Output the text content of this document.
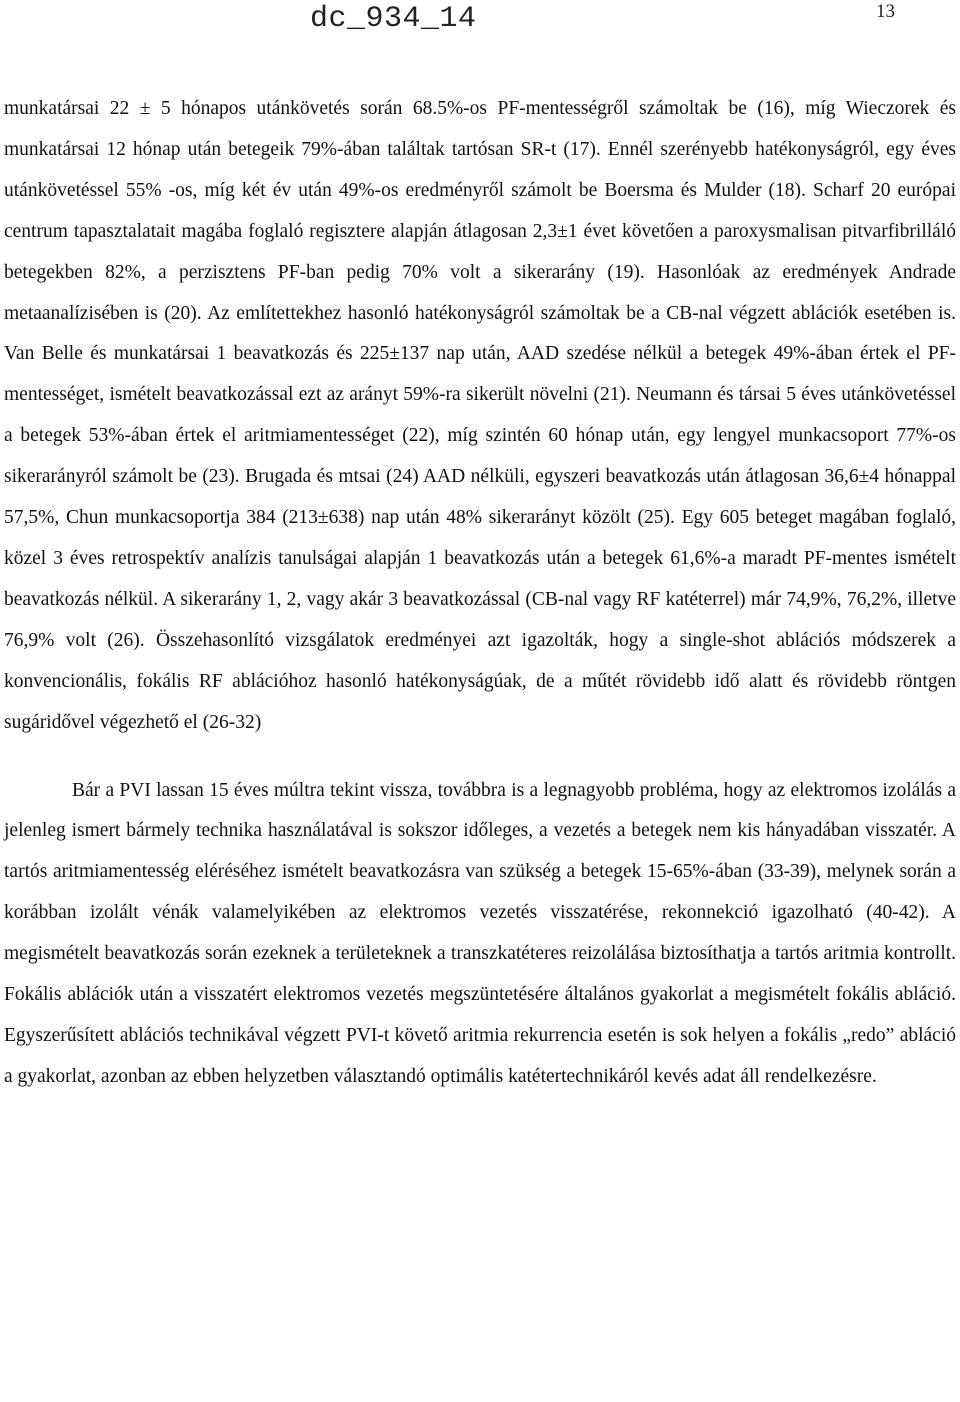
dc_934_14	13

munkatársai 22 ± 5 hónapos utánkövetés során 68.5%-os PF-mentességről számoltak be (16), míg Wieczorek és munkatársai 12 hónap után betegeik 79%-ában találtak tartósan SR-t (17). Ennél szerényebb hatékonyságról, egy éves utánkövetéssel 55% -os, míg két év után 49%-os eredményről számolt be Boersma és Mulder (18). Scharf 20 európai centrum tapasztalatait magába foglaló regisztere alapján átlagosan 2,3±1 évet követően a paroxysmalisan pitvarfibrilláló betegekben 82%, a perzisztens PF-ban pedig 70% volt a sikerarány (19). Hasonlóak az eredmények Andrade metaanalízisében is (20). Az említettekhez hasonló hatékonyságról számoltak be a CB-nal végzett ablációk esetében is. Van Belle és munkatársai 1 beavatkozás és 225±137 nap után, AAD szedése nélkül a betegek 49%-ában értek el PF-mentességet, ismételt beavatkozással ezt az arányt 59%-ra sikerült növelni (21). Neumann és társai 5 éves utánkövetéssel a betegek 53%-ában értek el aritmiamentességet (22), míg szintén 60 hónap után, egy lengyel munkacsoport 77%-os sikerarányról számolt be (23). Brugada és mtsai (24) AAD nélküli, egyszeri beavatkozás után átlagosan 36,6±4 hónappal 57,5%, Chun munkacsoportja 384 (213±638) nap után 48% sikerarányt közölt (25). Egy 605 beteget magában foglaló, közel 3 éves retrospektív analízis tanulságai alapján 1 beavatkozás után a betegek 61,6%-a maradt PF-mentes ismételt beavatkozás nélkül. A sikerarány 1, 2, vagy akár 3 beavatkozással (CB-nal vagy RF katéterrel) már 74,9%, 76,2%, illetve 76,9% volt (26). Összehasonlító vizsgálatok eredményei azt igazolták, hogy a single-shot ablációs módszerek a konvencionális, fokális RF ablációhoz hasonló hatékonyságúak, de a műtét rövidebb idő alatt és rövidebb röntgen sugáridővel végezhető el (26-32)

Bár a PVI lassan 15 éves múltra tekint vissza, továbbra is a legnagyobb probléma, hogy az elektromos izolálás a jelenleg ismert bármely technika használatával is sokszor időleges, a vezetés a betegek nem kis hányadában visszatér. A tartós aritmiamentesség eléréséhez ismételt beavatkozásra van szükség a betegek 15-65%-ában (33-39), melynek során a korábban izolált vénák valamelyikében az elektromos vezetés visszatérése, rekonnekció igazolható (40-42). A megismételt beavatkozás során ezeknek a területeknek a transzkatéteres reizolálása biztosíthatja a tartós aritmia kontrollt. Fokális ablációk után a visszatért elektromos vezetés megszüntetésére általános gyakorlat a megismételt fokális abláció. Egyszerűsített ablációs technikával végzett PVI-t követő aritmia rekurrencia esetén is sok helyen a fokális „redo” abláció a gyakorlat, azonban az ebben helyzetben választandó optimális katétertechnikáról kevés adat áll rendelkezésre.
